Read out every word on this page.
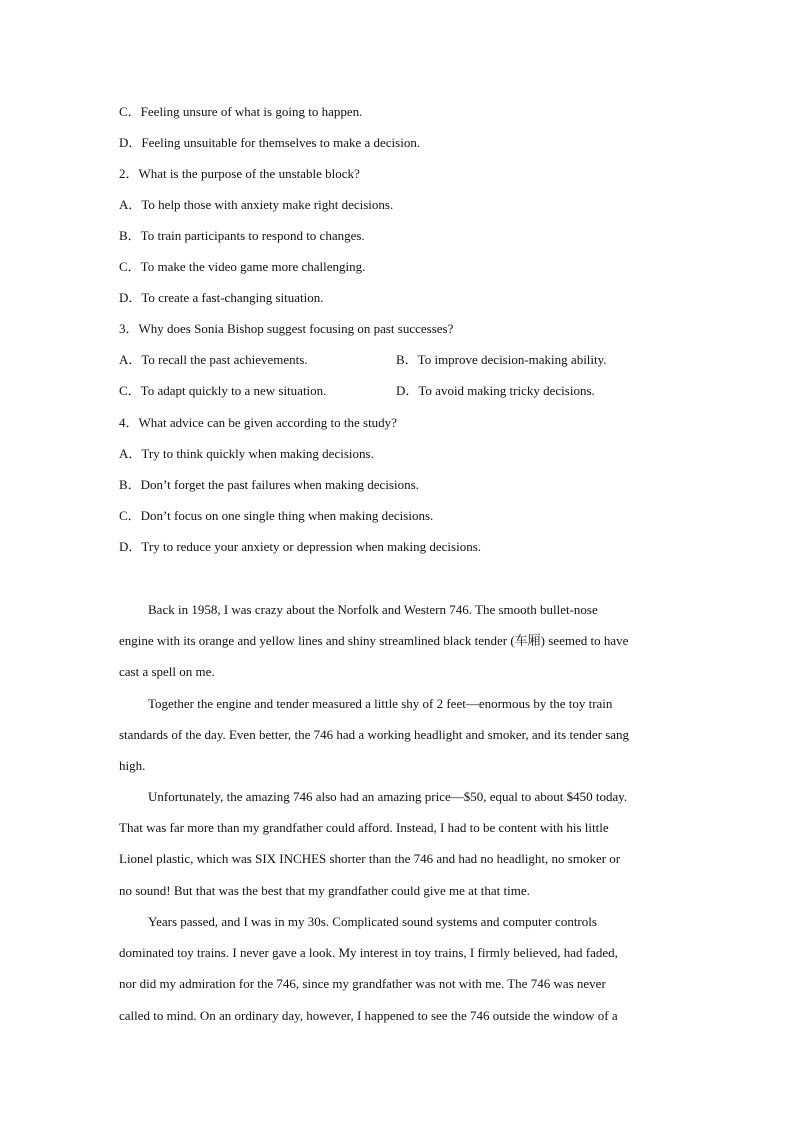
C．Feeling unsure of what is going to happen.
D．Feeling unsuitable for themselves to make a decision.
2．What is the purpose of the unstable block?
A．To help those with anxiety make right decisions.
B．To train participants to respond to changes.
C．To make the video game more challenging.
D．To create a fast-changing situation.
3．Why does Sonia Bishop suggest focusing on past successes?
A．To recall the past achievements.	B．To improve decision-making ability.
C．To adapt quickly to a new situation.	D．To avoid making tricky decisions.
4．What advice can be given according to the study?
A．Try to think quickly when making decisions.
B．Don’t forget the past failures when making decisions.
C．Don’t focus on one single thing when making decisions.
D．Try to reduce your anxiety or depression when making decisions.
Back in 1958, I was crazy about the Norfolk and Western 746. The smooth bullet-nose
engine with its orange and yellow lines and shiny streamlined black tender (车厢) seemed to have
cast a spell on me.
Together the engine and tender measured a little shy of 2 feet—enormous by the toy train
standards of the day. Even better, the 746 had a working headlight and smoker, and its tender sang
high.
Unfortunately, the amazing 746 also had an amazing price—$50, equal to about $450 today.
That was far more than my grandfather could afford. Instead, I had to be content with his little
Lionel plastic, which was SIX INCHES shorter than the 746 and had no headlight, no smoker or
no sound! But that was the best that my grandfather could give me at that time.
Years passed, and I was in my 30s. Complicated sound systems and computer controls
dominated toy trains. I never gave a look. My interest in toy trains, I firmly believed, had faded,
nor did my admiration for the 746, since my grandfather was not with me. The 746 was never
called to mind. On an ordinary day, however, I happened to see the 746 outside the window of a
